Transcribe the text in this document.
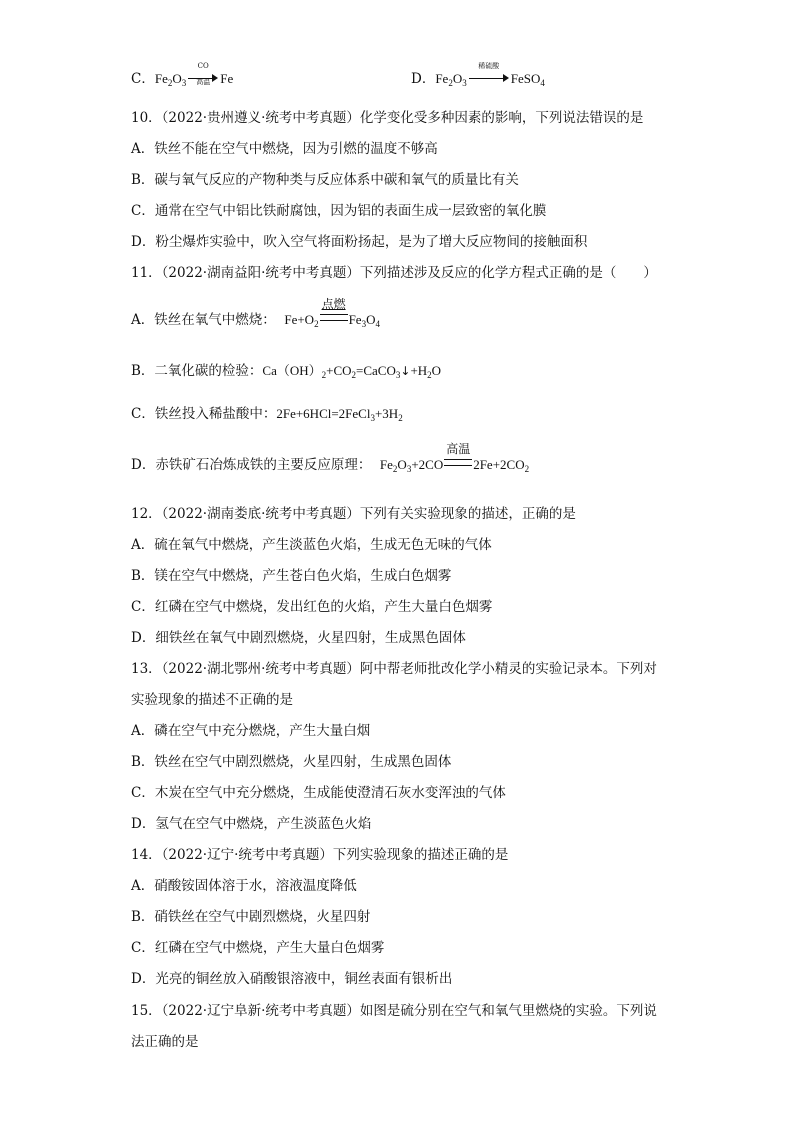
C．$Fe_2O_3$
CO
高温 Fe	D．$Fe_2O_3$
稀硫酸
FeSO$_4$
10．（2022·贵州遵义·统考中考真题）化学变化受多种因素的影响，下列说法错误的是
A．铁丝不能在空气中燃烧，因为引燃的温度不够高
B．碳与氧气反应的产物种类与反应体系中碳和氧气的质量比有关
C．通常在空气中铝比铁耐腐蚀，因为铝的表面生成一层致密的氧化膜
D．粉尘爆炸实验中，吹入空气将面粉扬起，是为了增大反应物间的接触面积
11．（2022·湖南益阳·统考中考真题）下列描述涉及反应的化学方程式正确的是（　　）
A．铁丝在氧气中燃烧： $Fe+O_2$
点燃
$Fe_3O_4$
B．二氧化碳的检验：$Ca(OH)_2+CO_2=CaCO_3↓+H_2O$
C．铁丝投入稀盐酸中：$2Fe+6HCl=2FeCl_3+3H_2$
D．赤铁矿石冶炼成铁的主要反应原理： $Fe_2O_3+2CO$
高温
$2Fe+2CO_2$
12．（2022·湖南娄底·统考中考真题）下列有关实验现象的描述，正确的是
A．硫在氧气中燃烧，产生淡蓝色火焰，生成无色无味的气体
B．镁在空气中燃烧，产生苍白色火焰，生成白色烟雾
C．红磷在空气中燃烧，发出红色的火焰，产生大量白色烟雾
D．细铁丝在氧气中剧烈燃烧，火星四射，生成黑色固体
13．（2022·湖北鄂州·统考中考真题）阿中帮老师批改化学小精灵的实验记录本。下列对
实验现象的描述不正确的是
A．磷在空气中充分燃烧，产生大量白烟
B．铁丝在空气中剧烈燃烧，火星四射，生成黑色固体
C．木炭在空气中充分燃烧，生成能使澄清石灰水变浑浊的气体
D．氢气在空气中燃烧，产生淡蓝色火焰
14．（2022·辽宁·统考中考真题）下列实验现象的描述正确的是
A．硝酸铵固体溶于水，溶液温度降低
B．硝铁丝在空气中剧烈燃烧，火星四射
C．红磷在空气中燃烧，产生大量白色烟雾
D．光亮的铜丝放入硝酸银溶液中，铜丝表面有银析出
15．（2022·辽宁阜新·统考中考真题）如图是硫分别在空气和氧气里燃烧的实验。下列说
法正确的是
